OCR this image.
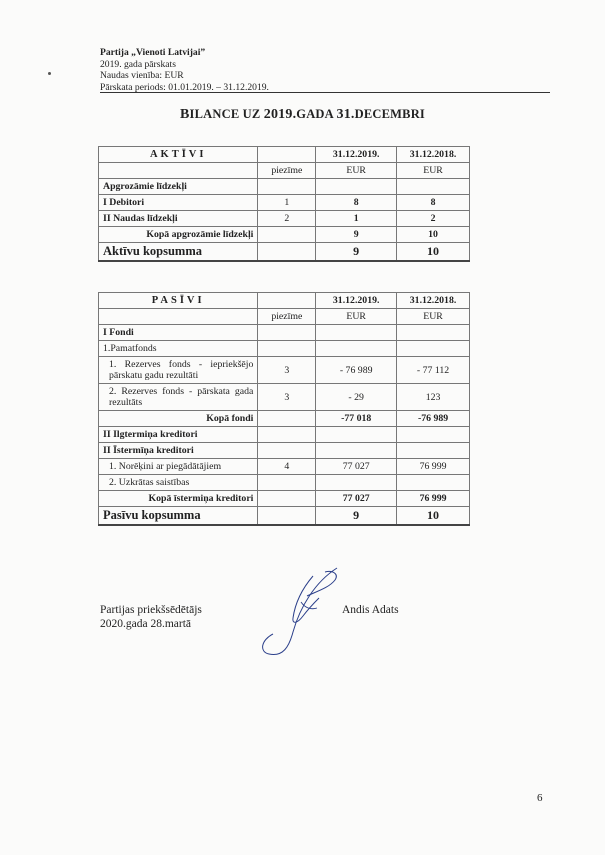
Partija „Vienoti Latvijai”
2019. gada pārskats
Naudas vienība: EUR
Pārskata periods: 01.01.2019. – 31.12.2019.
BILANCE UZ 2019.GADA 31.DECEMBRI
AKTĪVI		31.12.2019.	31.12.2018.
	piezīme	EUR	EUR
Apgrozāmie līdzekļi			
I Debitori	1	8	8
II Naudas līdzekļi	2	1	2
Kopā apgrozāmie līdzekļi		9	10
Aktīvu kopsumma		9	10
PASĪVI		31.12.2019.	31.12.2018.
	piezīme	EUR	EUR
I Fondi			
1.Pamatfonds			
1. Rezerves fonds - iepriekšējo pārskatu gadu rezultāti	3	- 76 989	- 77 112
2. Rezerves fonds - pārskata gada rezultāts	3	- 29	123
Kopā fondi		-77 018	-76 989
II Ilgtermiņa kreditori			
II Īstermīņa kreditori			
1. Norēķini ar piegādātājiem	4	77 027	76 999
2. Uzkrātas saistības			
Kopā īstermiņa kreditori		77 027	76 999
Pasīvu kopsumma		9	10
Partijas priekšsēdētājs
2020.gada 28.martā
Andis Adats
6
